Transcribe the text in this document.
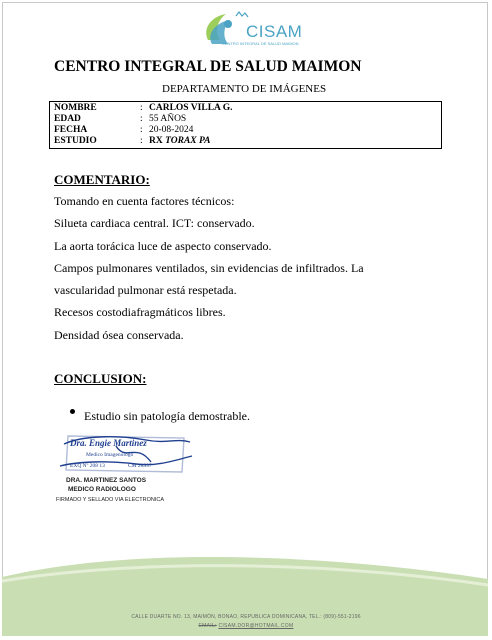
CISAM
CENTRO INTEGRAL DE SALUD MAIMON
CENTRO INTEGRAL DE SALUD MAIMON
DEPARTAMENTO DE IMÁGENES
NOMBRE	: CARLOS VILLA G.
EDAD	: 55 AÑOS
FECHA	: 20-08-2024
ESTUDIO	: RX TORAX PA
COMENTARIO:
Tomando en cuenta factores técnicos:
Silueta cardiaca central. ICT: conservado.
La aorta torácica luce de aspecto conservado.
Campos pulmonares ventilados, sin evidencias de infiltrados. La
vascularidad pulmonar está respetada.
Recesos costodiafragmáticos libres.
Densidad ósea conservada.
CONCLUSION:
Estudio sin patología demostrable.
Dra. Engie Martinez
Medico Imagenologo
EXQ Nº 208 13	CM 28557
DRA. MARTINEZ SANTOS
MEDICO RADIOLOGO
FIRMADO Y SELLADO VIA ELECTRONICA
CALLE DUARTE NO. 13, MAIMÓN, BONAO, REPUBLICA DOMINICANA, TEL.: (809)-551-2196
EMAIL: CISAM.DOR@HOTMAIL.COM
